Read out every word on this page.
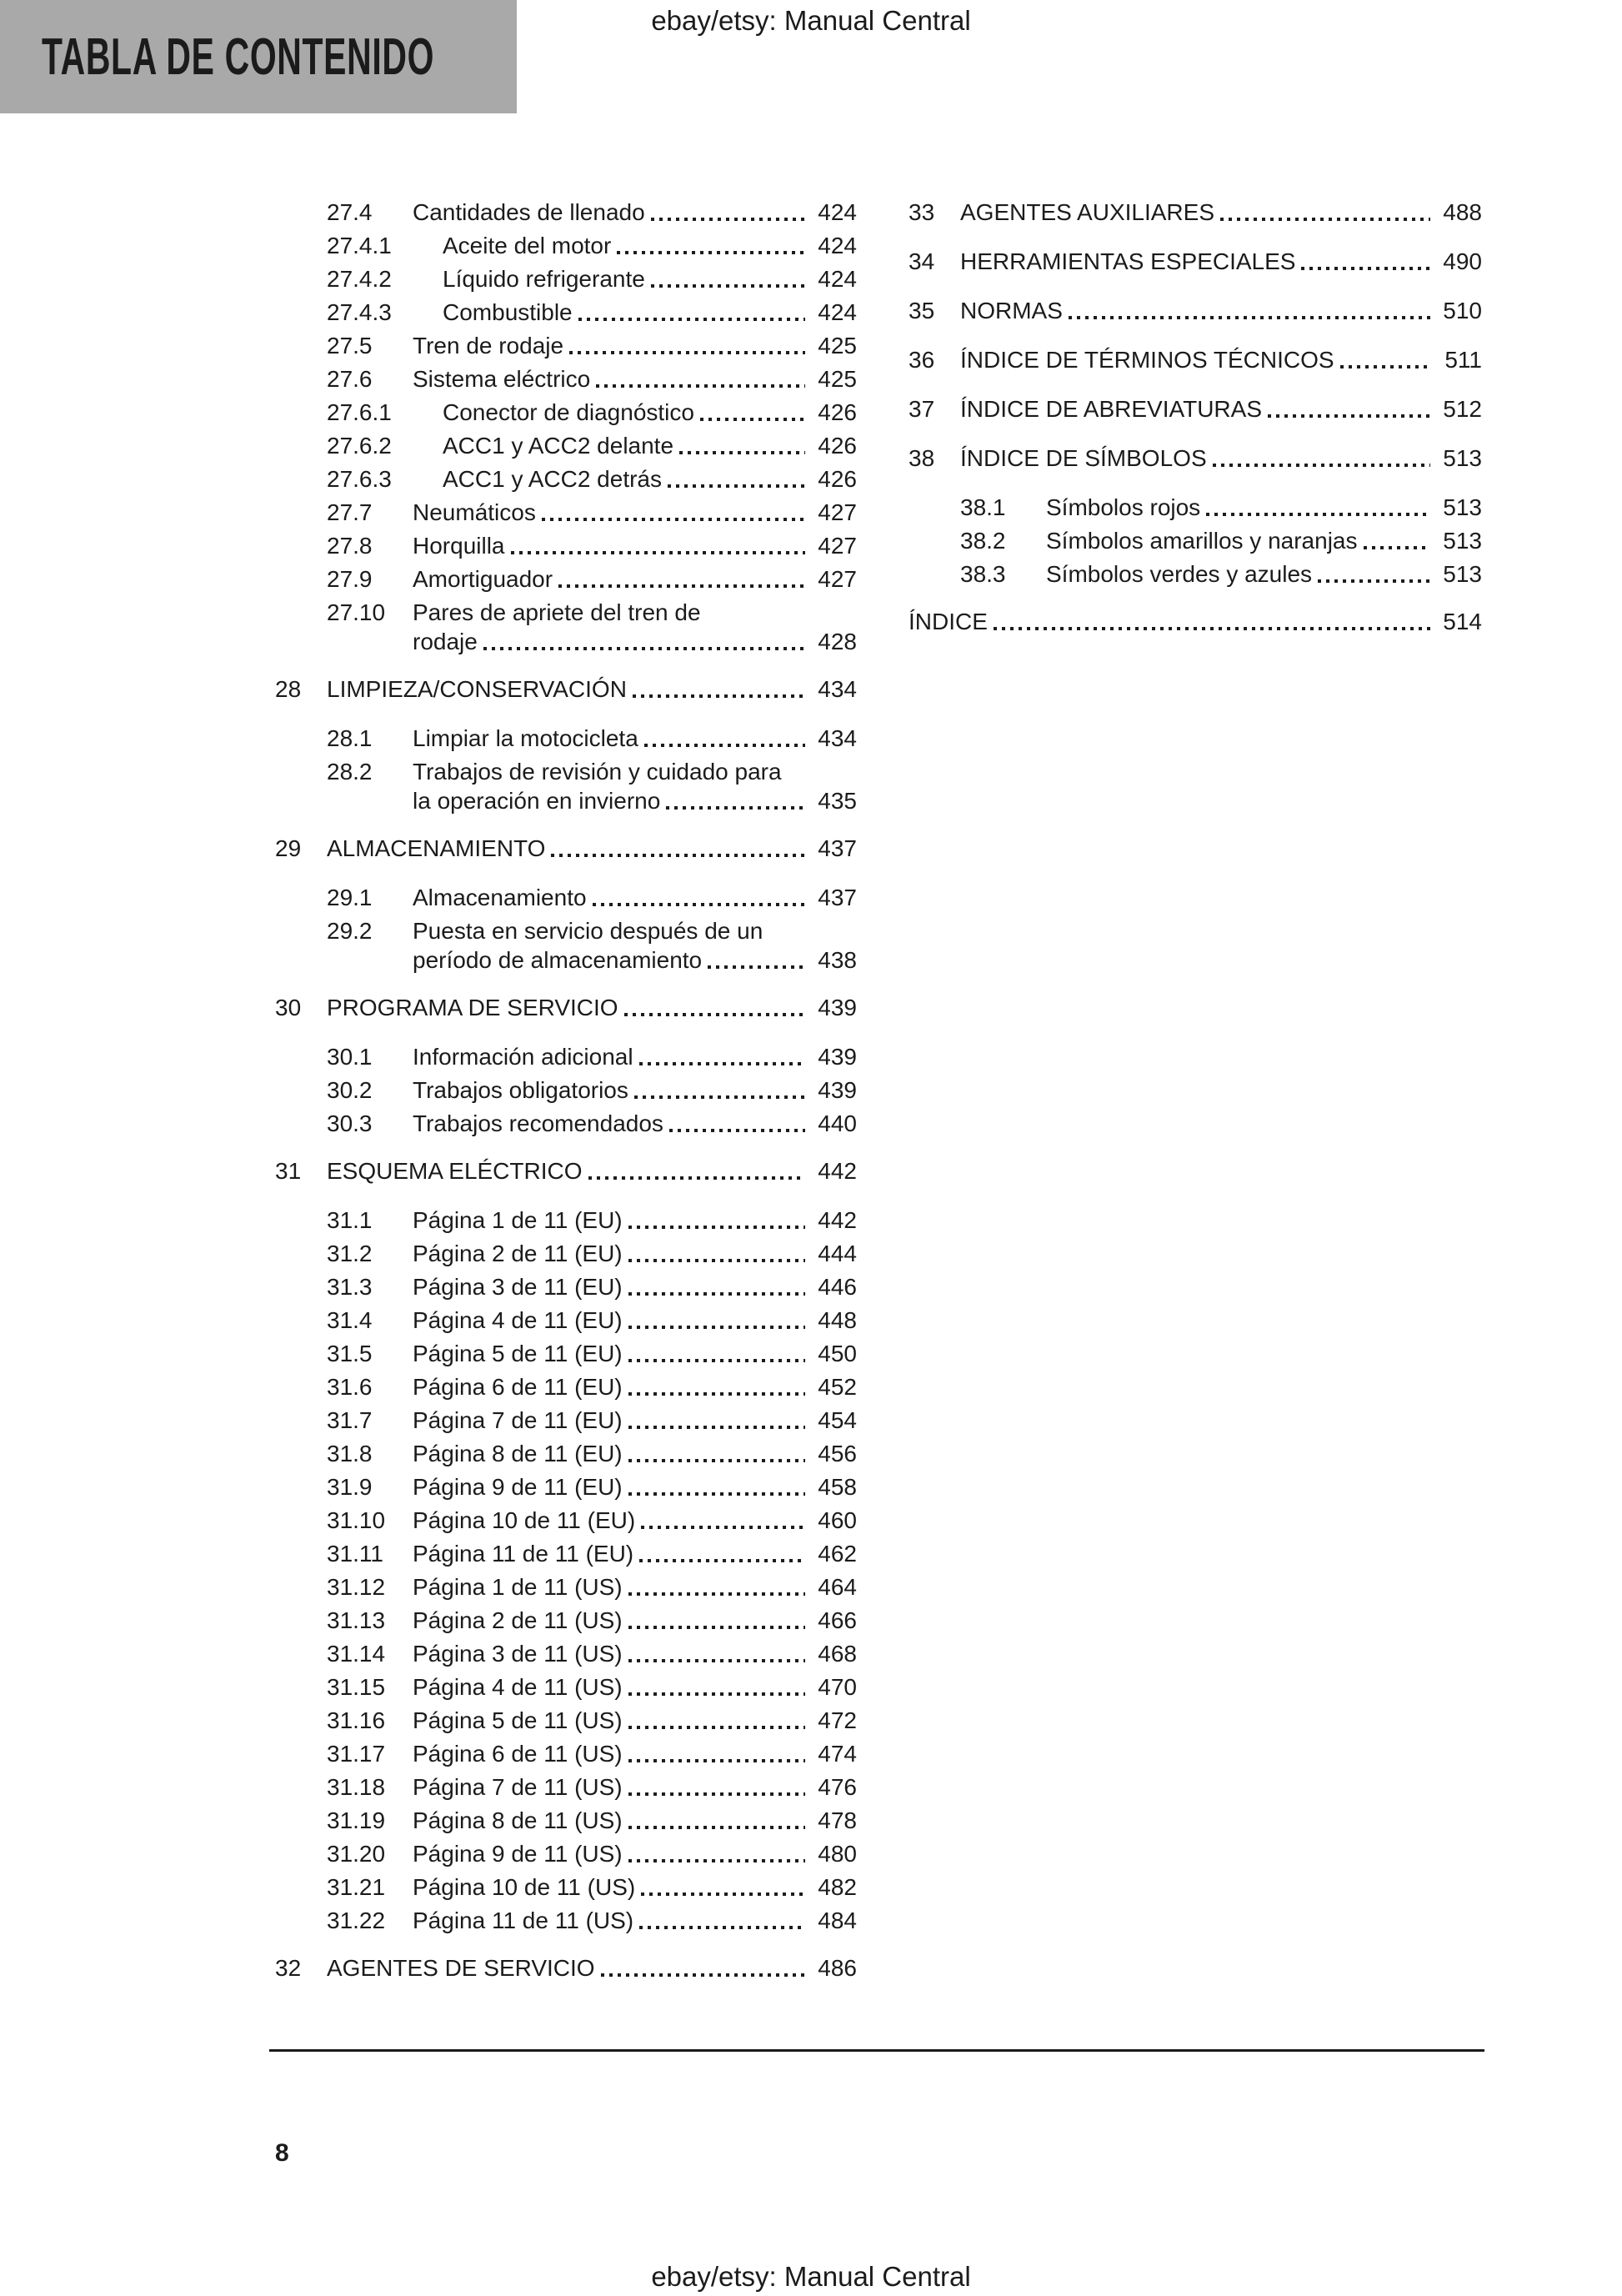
ebay/etsy: Manual Central
TABLA DE CONTENIDO
27.4	Cantidades de llenado	424
27.4.1	Aceite del motor	424
27.4.2	Líquido refrigerante	424
27.4.3	Combustible	424
27.5	Tren de rodaje	425
27.6	Sistema eléctrico	425
27.6.1	Conector de diagnóstico	426
27.6.2	ACC1 y ACC2 delante	426
27.6.3	ACC1 y ACC2 detrás	426
27.7	Neumáticos	427
27.8	Horquilla	427
27.9	Amortiguador	427
27.10	Pares de apriete del tren de
rodaje	428
28	LIMPIEZA/CONSERVACIÓN	434
28.1	Limpiar la motocicleta	434
28.2	Trabajos de revisión y cuidado para
la operación en invierno	435
29	ALMACENAMIENTO	437
29.1	Almacenamiento	437
29.2	Puesta en servicio después de un
período de almacenamiento	438
30	PROGRAMA DE SERVICIO	439
30.1	Información adicional	439
30.2	Trabajos obligatorios	439
30.3	Trabajos recomendados	440
31	ESQUEMA ELÉCTRICO	442
31.1	Página 1 de 11 (EU)	442
31.2	Página 2 de 11 (EU)	444
31.3	Página 3 de 11 (EU)	446
31.4	Página 4 de 11 (EU)	448
31.5	Página 5 de 11 (EU)	450
31.6	Página 6 de 11 (EU)	452
31.7	Página 7 de 11 (EU)	454
31.8	Página 8 de 11 (EU)	456
31.9	Página 9 de 11 (EU)	458
31.10	Página 10 de 11 (EU)	460
31.11	Página 11 de 11 (EU)	462
31.12	Página 1 de 11 (US)	464
31.13	Página 2 de 11 (US)	466
31.14	Página 3 de 11 (US)	468
31.15	Página 4 de 11 (US)	470
31.16	Página 5 de 11 (US)	472
31.17	Página 6 de 11 (US)	474
31.18	Página 7 de 11 (US)	476
31.19	Página 8 de 11 (US)	478
31.20	Página 9 de 11 (US)	480
31.21	Página 10 de 11 (US)	482
31.22	Página 11 de 11 (US)	484
32	AGENTES DE SERVICIO	486
33	AGENTES AUXILIARES	488
34	HERRAMIENTAS ESPECIALES	490
35	NORMAS	510
36	ÍNDICE DE TÉRMINOS TÉCNICOS	511
37	ÍNDICE DE ABREVIATURAS	512
38	ÍNDICE DE SÍMBOLOS	513
38.1	Símbolos rojos	513
38.2	Símbolos amarillos y naranjas	513
38.3	Símbolos verdes y azules	513
ÍNDICE	514
8
ebay/etsy: Manual Central
